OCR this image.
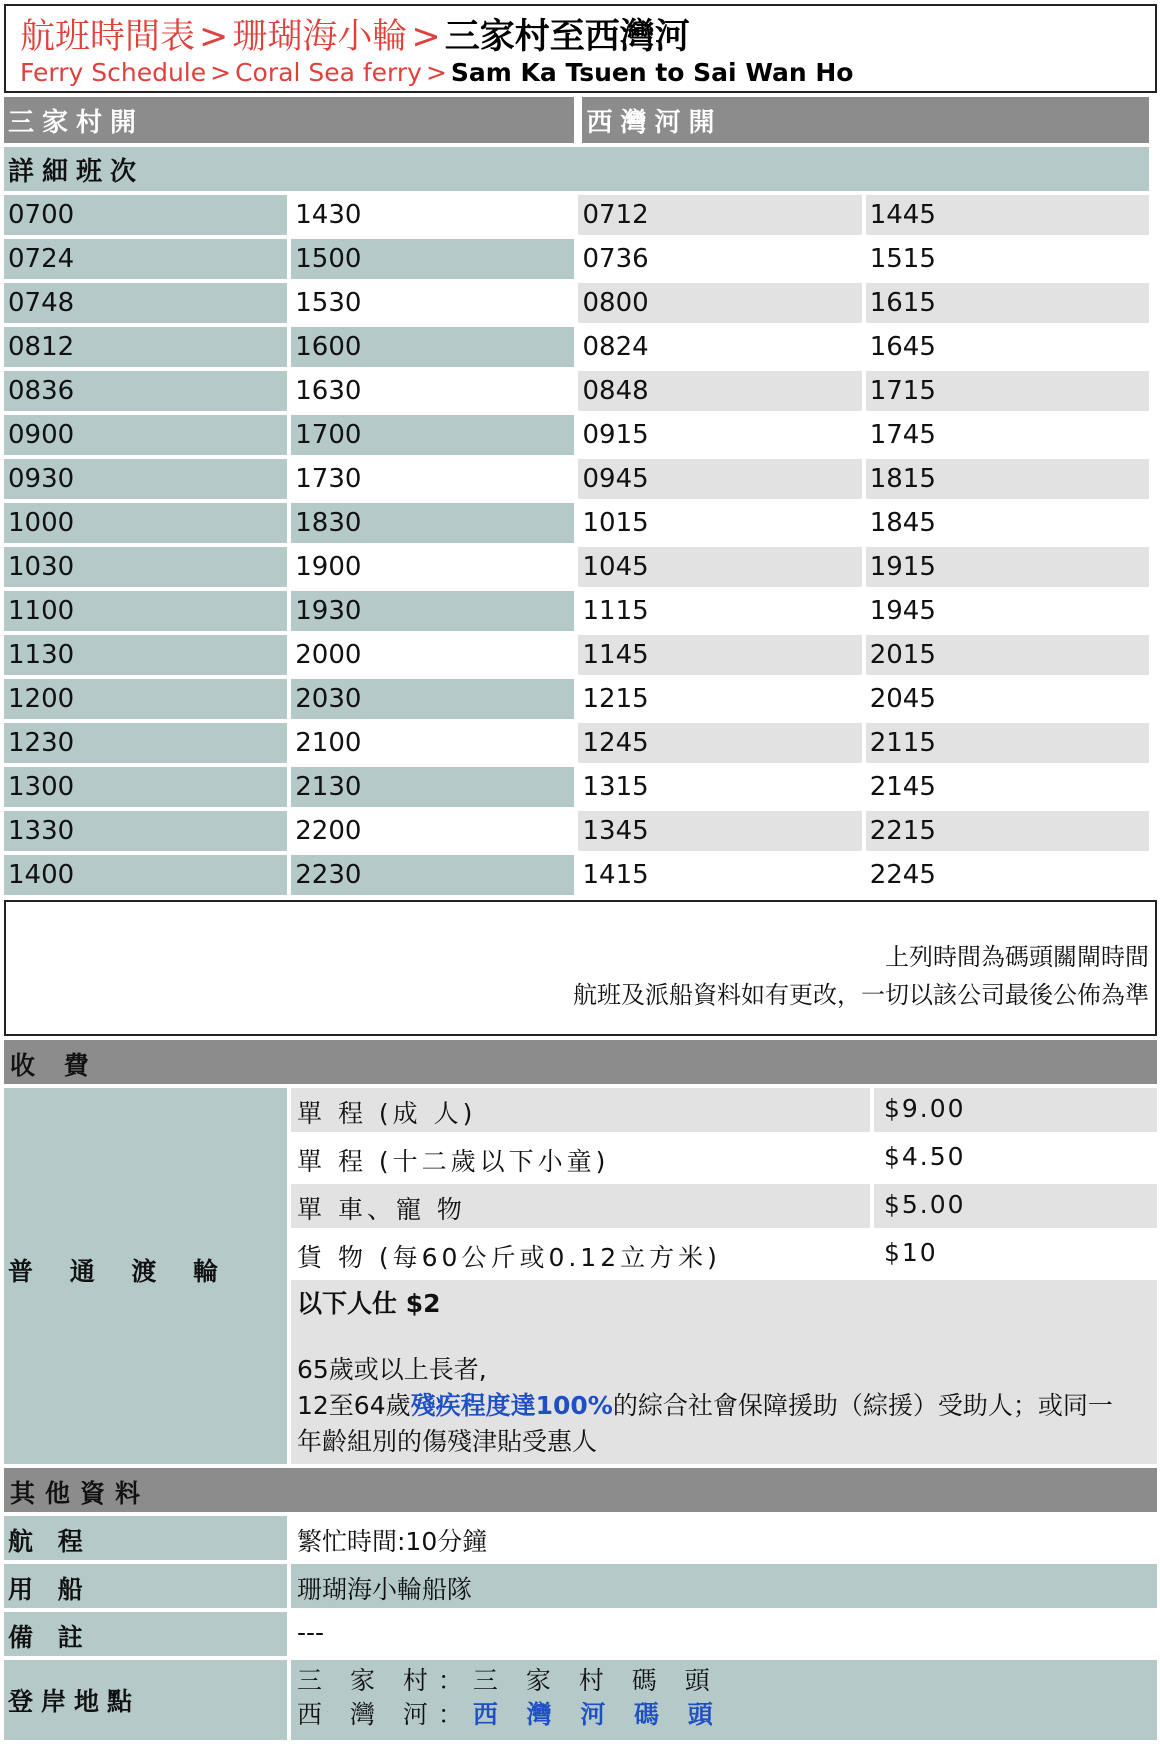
航班時間表 > 珊瑚海小輪 > 三家村至西灣河
Ferry Schedule > Coral Sea ferry > Sam Ka Tsuen to Sai Wan Ho
三家村開		西灣河開	
詳細班次			
0700	1430	0712	1445
0724	1500	0736	1515
0748	1530	0800	1615
0812	1600	0824	1645
0836	1630	0848	1715
0900	1700	0915	1745
0930	1730	0945	1815
1000	1830	1015	1845
1030	1900	1045	1915
1100	1930	1115	1945
1130	2000	1145	2015
1200	2030	1215	2045
1230	2100	1245	2115
1300	2130	1315	2145
1330	2200	1345	2215
1400	2230	1415	2245
上列時間為碼頭關閘時間
航班及派船資料如有更改，一切以該公司最後公佈為準
收 費
普 通 渡 輪
單 程 (成 人)	$9.00
單 程 (十二歲以下小童)	$4.50
單 車、寵 物	$5.00
貨 物 (每60公斤或0.12立方米)	$10
以下人仕 $2
65歲或以上長者,
12至64歲殘疾程度達100%的綜合社會保障援助（綜援）受助人；或同一
年齡組別的傷殘津貼受惠人
其他資料
航 程	繁忙時間:10分鐘
用 船	珊瑚海小輪船隊
備 註	---
登岸地點
三 家 村：三 家 村 碼 頭
西 灣 河：西 灣 河 碼 頭
